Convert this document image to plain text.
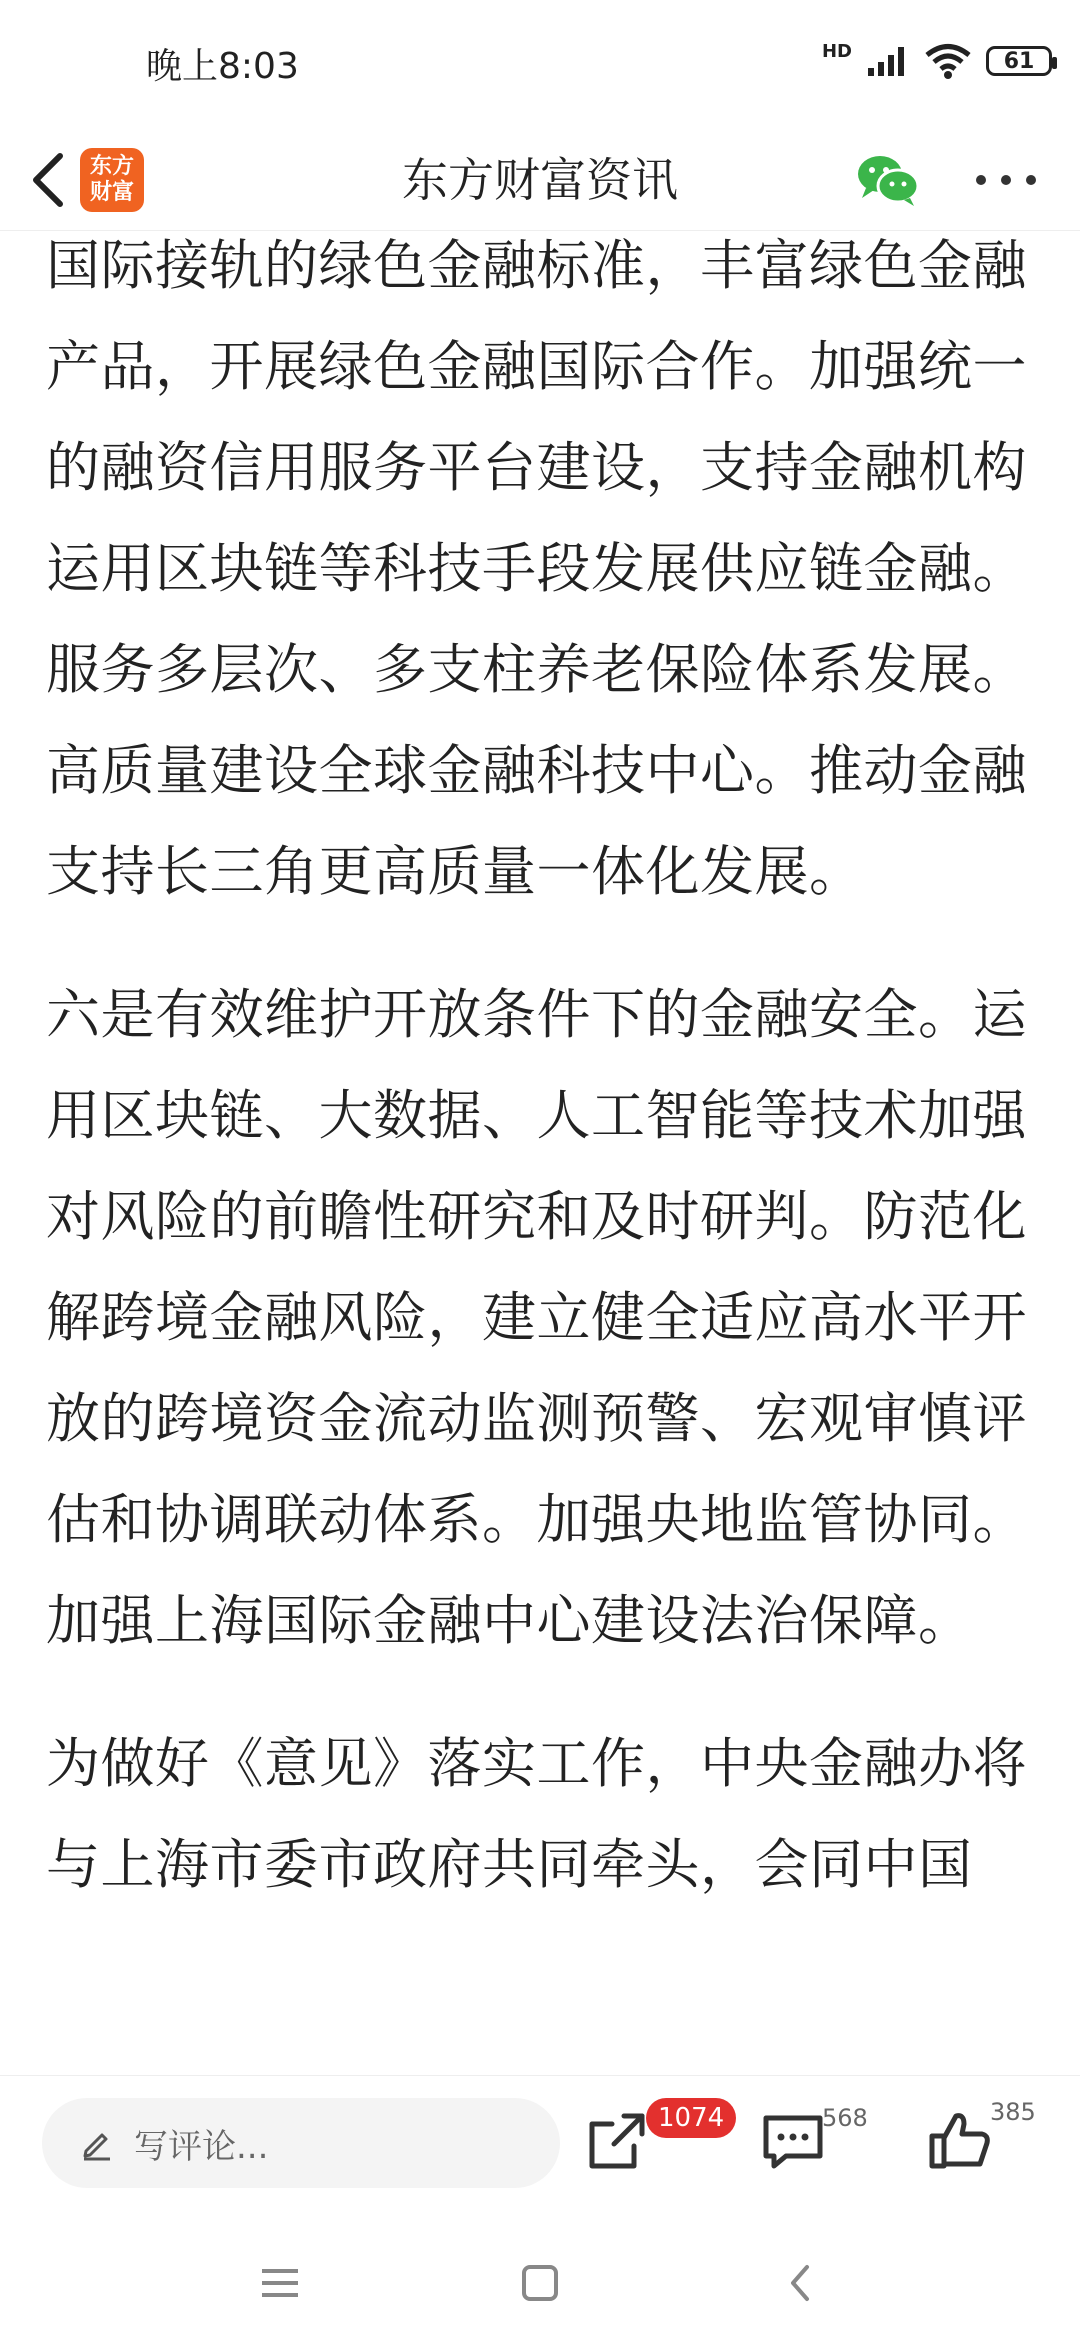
晚上8:03	HD	61
东方
财富	东方财富资讯

国际接轨的绿色金融标准，丰富绿色金融产品，开展绿色金融国际合作。加强统一的融资信用服务平台建设，支持金融机构运用区块链等科技手段发展供应链金融。服务多层次、多支柱养老保险体系发展。高质量建设全球金融科技中心。推动金融支持长三角更高质量一体化发展。

六是有效维护开放条件下的金融安全。运用区块链、大数据、人工智能等技术加强对风险的前瞻性研究和及时研判。防范化解跨境金融风险，建立健全适应高水平开放的跨境资金流动监测预警、宏观审慎评估和协调联动体系。加强央地监管协同。加强上海国际金融中心建设法治保障。

为做好《意见》落实工作，中央金融办将与上海市委市政府共同牵头，会同中国

写评论...
1074	568	385
